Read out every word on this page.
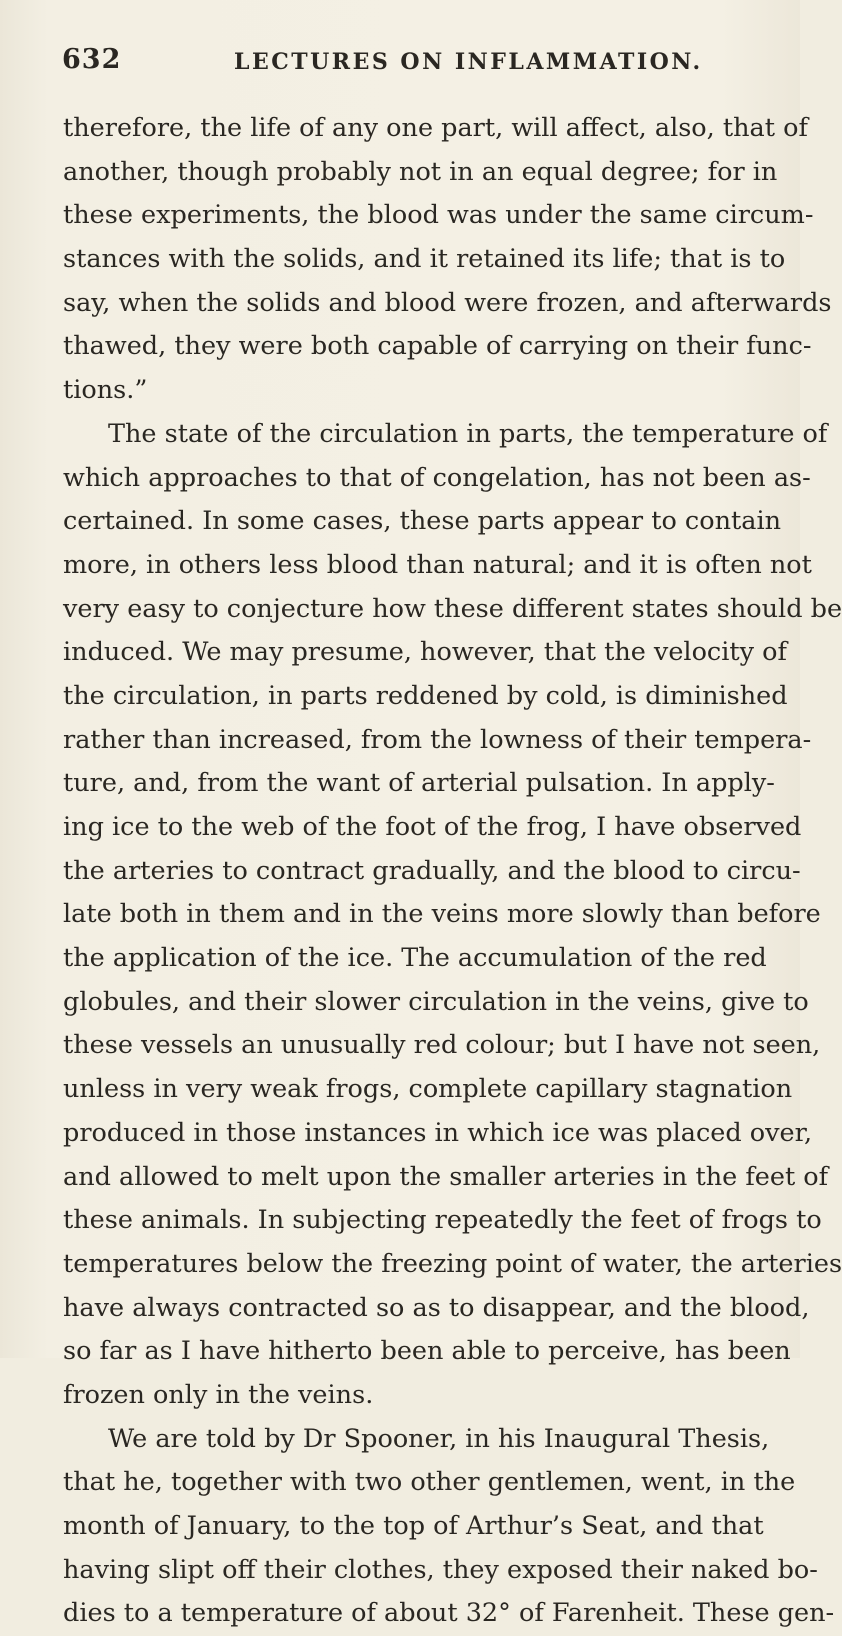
632	LECTURES ON INFLAMMATION.
therefore, the life of any one part, will affect, also, that of
another, though probably not in an equal degree; for in
these experiments, the blood was under the same circum-
stances with the solids, and it retained its life; that is to
say, when the solids and blood were frozen, and afterwards
thawed, they were both capable of carrying on their func-
tions.”
The state of the circulation in parts, the temperature of
which approaches to that of congelation, has not been as-
certained. In some cases, these parts appear to contain
more, in others less blood than natural; and it is often not
very easy to conjecture how these different states should be
induced. We may presume, however, that the velocity of
the circulation, in parts reddened by cold, is diminished
rather than increased, from the lowness of their tempera-
ture, and, from the want of arterial pulsation. In apply-
ing ice to the web of the foot of the frog, I have observed
the arteries to contract gradually, and the blood to circu-
late both in them and in the veins more slowly than before
the application of the ice. The accumulation of the red
globules, and their slower circulation in the veins, give to
these vessels an unusually red colour; but I have not seen,
unless in very weak frogs, complete capillary stagnation
produced in those instances in which ice was placed over,
and allowed to melt upon the smaller arteries in the feet of
these animals. In subjecting repeatedly the feet of frogs to
temperatures below the freezing point of water, the arteries
have always contracted so as to disappear, and the blood,
so far as I have hitherto been able to perceive, has been
frozen only in the veins.
We are told by Dr Spooner, in his Inaugural Thesis,
that he, together with two other gentlemen, went, in the
month of January, to the top of Arthur’s Seat, and that
having slipt off their clothes, they exposed their naked bo-
dies to a temperature of about 32° of Farenheit. These gen-
